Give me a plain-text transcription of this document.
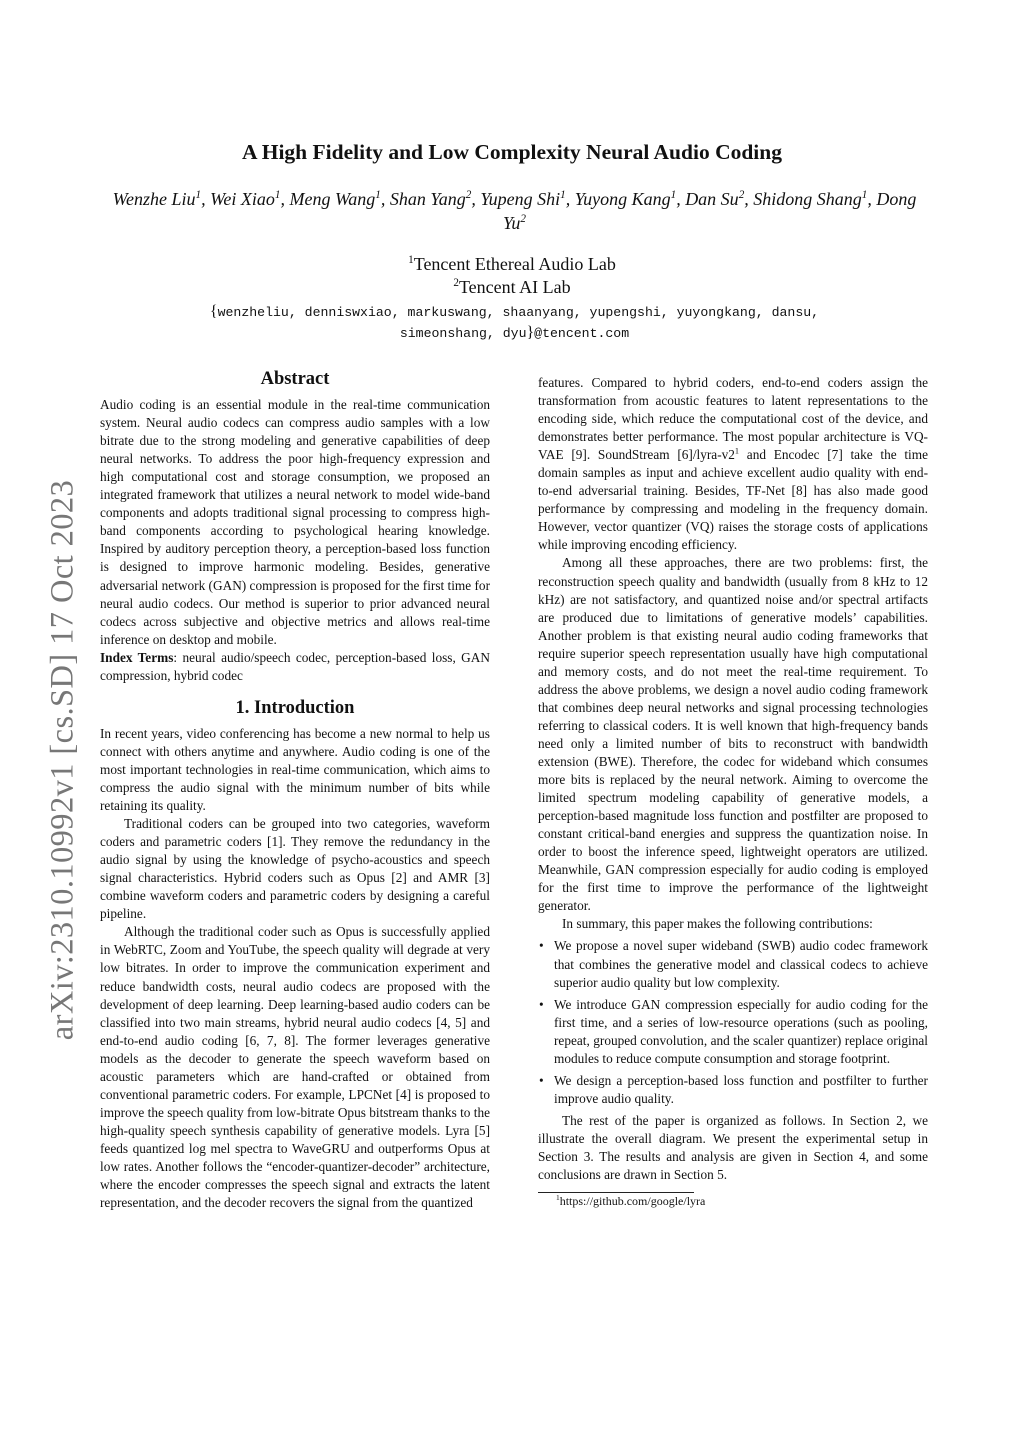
arXiv:2310.10992v1 [cs.SD] 17 Oct 2023
A High Fidelity and Low Complexity Neural Audio Coding
Wenzhe Liu$^1$, Wei Xiao$^1$, Meng Wang$^1$, Shan Yang$^2$, Yupeng Shi$^1$, Yuyong Kang$^1$, Dan Su$^2$, Shidong Shang$^1$, Dong Yu$^2$
$^1$Tencent Ethereal Audio Lab
$^2$Tencent AI Lab
{wenzheliu, denniswxiao, markuswang, shaanyang, yupengshi, yuyongkang, dansu,
simeonshang, dyu}@tencent.com
Abstract

Audio coding is an essential module in the real-time communication system. Neural audio codecs can compress audio samples with a low bitrate due to the strong modeling and generative capabilities of deep neural networks. To address the poor high-frequency expression and high computational cost and storage consumption, we proposed an integrated framework that utilizes a neural network to model wide-band components and adopts traditional signal processing to compress high-band components according to psychological hearing knowledge. Inspired by auditory perception theory, a perception-based loss function is designed to improve harmonic modeling. Besides, generative adversarial network (GAN) compression is proposed for the first time for neural audio codecs. Our method is superior to prior advanced neural codecs across subjective and objective metrics and allows real-time inference on desktop and mobile.

Index Terms: neural audio/speech codec, perception-based loss, GAN compression, hybrid codec

1. Introduction

In recent years, video conferencing has become a new normal to help us connect with others anytime and anywhere. Audio coding is one of the most important technologies in real-time communication, which aims to compress the audio signal with the minimum number of bits while retaining its quality.

Traditional coders can be grouped into two categories, waveform coders and parametric coders [1]. They remove the redundancy in the audio signal by using the knowledge of psycho-acoustics and speech signal characteristics. Hybrid coders such as Opus [2] and AMR [3] combine waveform coders and parametric coders by designing a careful pipeline.

Although the traditional coder such as Opus is successfully applied in WebRTC, Zoom and YouTube, the speech quality will degrade at very low bitrates. In order to improve the communication experiment and reduce bandwidth costs, neural audio codecs are proposed with the development of deep learning. Deep learning-based audio coders can be classified into two main streams, hybrid neural audio codecs [4, 5] and end-to-end audio coding [6, 7, 8]. The former leverages generative models as the decoder to generate the speech waveform based on acoustic parameters which are hand-crafted or obtained from conventional parametric coders. For example, LPCNet [4] is proposed to improve the speech quality from low-bitrate Opus bitstream thanks to the high-quality speech synthesis capability of generative models. Lyra [5] feeds quantized log mel spectra to WaveGRU and outperforms Opus at low rates. Another follows the “encoder-quantizer-decoder” architecture, where the encoder compresses the speech signal and extracts the latent representation, and the decoder recovers the signal from the quantized

features. Compared to hybrid coders, end-to-end coders assign the transformation from acoustic features to latent representations to the encoding side, which reduce the computational cost of the device, and demonstrates better performance. The most popular architecture is VQ-VAE [9]. SoundStream $[6]/lyra-v2^1$ and Encodec [7] take the time domain samples as input and achieve excellent audio quality with end-to-end adversarial training. Besides, TF-Net [8] has also made good performance by compressing and modeling in the frequency domain. However, vector quantizer (VQ) raises the storage costs of applications while improving encoding efficiency.

Among all these approaches, there are two problems: first, the reconstruction speech quality and bandwidth (usually from 8 kHz to 12 kHz) are not satisfactory, and quantized noise and/or spectral artifacts are produced due to limitations of generative models’ capabilities. Another problem is that existing neural audio coding frameworks that require superior speech representation usually have high computational and memory costs, and do not meet the real-time requirement. To address the above problems, we design a novel audio coding framework that combines deep neural networks and signal processing technologies referring to classical coders. It is well known that high-frequency bands need only a limited number of bits to reconstruct with bandwidth extension (BWE). Therefore, the codec for wideband which consumes more bits is replaced by the neural network. Aiming to overcome the limited spectrum modeling capability of generative models, a perception-based magnitude loss function and postfilter are proposed to constant critical-band energies and suppress the quantization noise. In order to boost the inference speed, lightweight operators are utilized. Meanwhile, GAN compression especially for audio coding is employed for the first time to improve the performance of the lightweight generator.

In summary, this paper makes the following contributions:

• We propose a novel super wideband (SWB) audio codec framework that combines the generative model and classical codecs to achieve superior audio quality but low complexity.
• We introduce GAN compression especially for audio coding for the first time, and a series of low-resource operations (such as pooling, repeat, grouped convolution, and the scaler quantizer) replace original modules to reduce compute consumption and storage footprint.
• We design a perception-based loss function and postfilter to further improve audio quality.

The rest of the paper is organized as follows. In Section 2, we illustrate the overall diagram. We present the experimental setup in Section 3. The results and analysis are given in Section 4, and some conclusions are drawn in Section 5.

$^1$https://github.com/google/lyra
